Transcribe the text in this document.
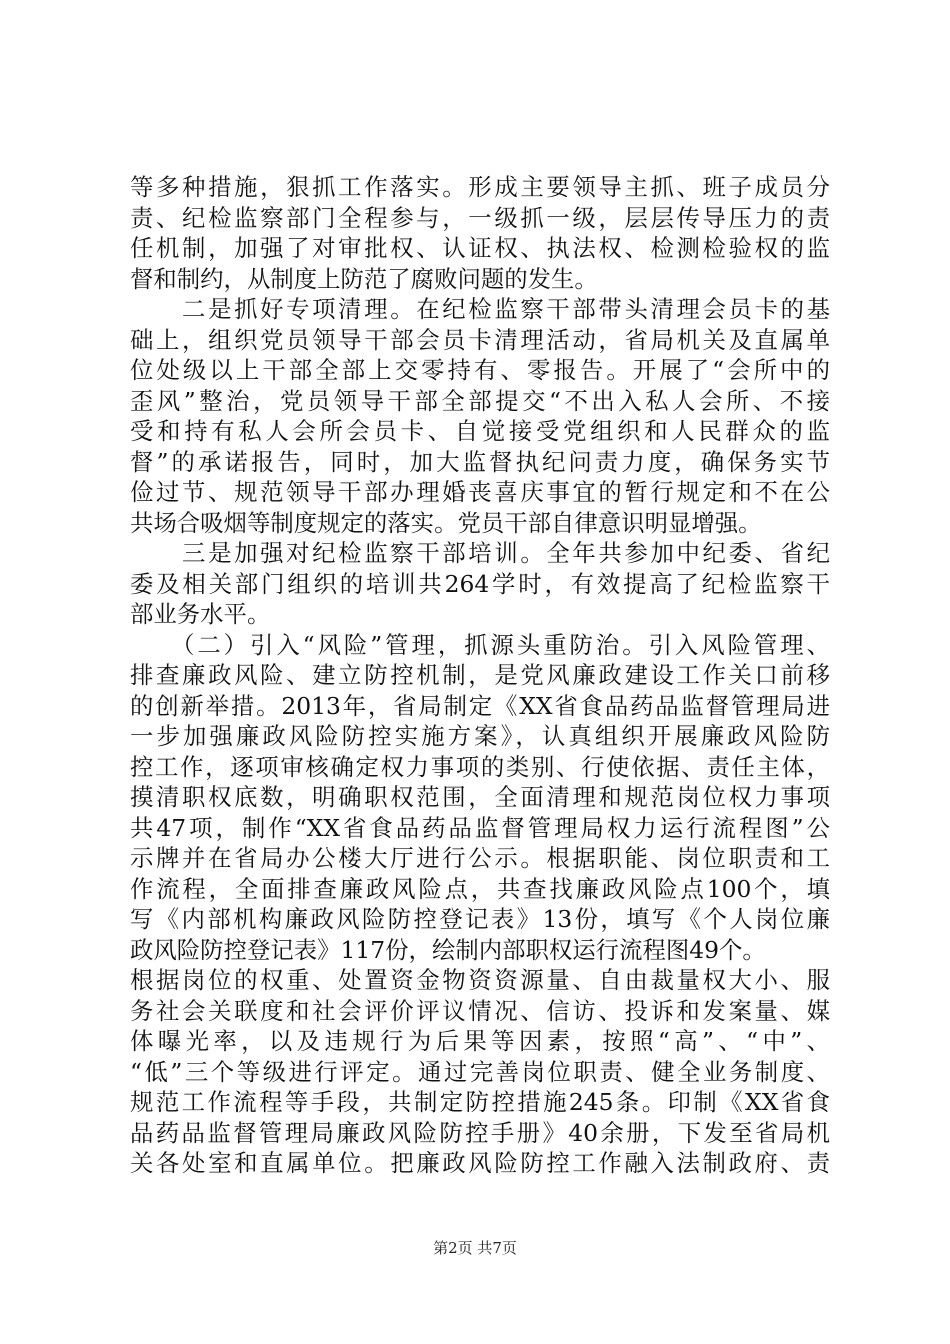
等多种措施，狠抓工作落实。形成主要领导主抓、班子成员分
责、纪检监察部门全程参与，一级抓一级，层层传导压力的责
任机制，加强了对审批权、认证权、执法权、检测检验权的监
督和制约，从制度上防范了腐败问题的发生。
　　二是抓好专项清理。在纪检监察干部带头清理会员卡的基
础上，组织党员领导干部会员卡清理活动，省局机关及直属单
位处级以上干部全部上交零持有、零报告。开展了“会所中的
歪风”整治，党员领导干部全部提交“不出入私人会所、不接
受和持有私人会所会员卡、自觉接受党组织和人民群众的监
督”的承诺报告，同时，加大监督执纪问责力度，确保务实节
俭过节、规范领导干部办理婚丧喜庆事宜的暂行规定和不在公
共场合吸烟等制度规定的落实。党员干部自律意识明显增强。
　　三是加强对纪检监察干部培训。全年共参加中纪委、省纪
委及相关部门组织的培训共264学时，有效提高了纪检监察干
部业务水平。
　　（二）引入“风险”管理，抓源头重防治。引入风险管理、
排查廉政风险、建立防控机制，是党风廉政建设工作关口前移
的创新举措。2013年，省局制定《XX省食品药品监督管理局进
一步加强廉政风险防控实施方案》，认真组织开展廉政风险防
控工作，逐项审核确定权力事项的类别、行使依据、责任主体，
摸清职权底数，明确职权范围，全面清理和规范岗位权力事项
共47项，制作“XX省食品药品监督管理局权力运行流程图”公
示牌并在省局办公楼大厅进行公示。根据职能、岗位职责和工
作流程，全面排查廉政风险点，共查找廉政风险点100个，填
写《内部机构廉政风险防控登记表》13份，填写《个人岗位廉
政风险防控登记表》117份，绘制内部职权运行流程图49个。
根据岗位的权重、处置资金物资资源量、自由裁量权大小、服
务社会关联度和社会评价评议情况、信访、投诉和发案量、媒
体曝光率，以及违规行为后果等因素，按照“高”、“中”、
“低”三个等级进行评定。通过完善岗位职责、健全业务制度、
规范工作流程等手段，共制定防控措施245条。印制《XX省食
品药品监督管理局廉政风险防控手册》40余册，下发至省局机
关各处室和直属单位。把廉政风险防控工作融入法制政府、责
第2页 共7页
